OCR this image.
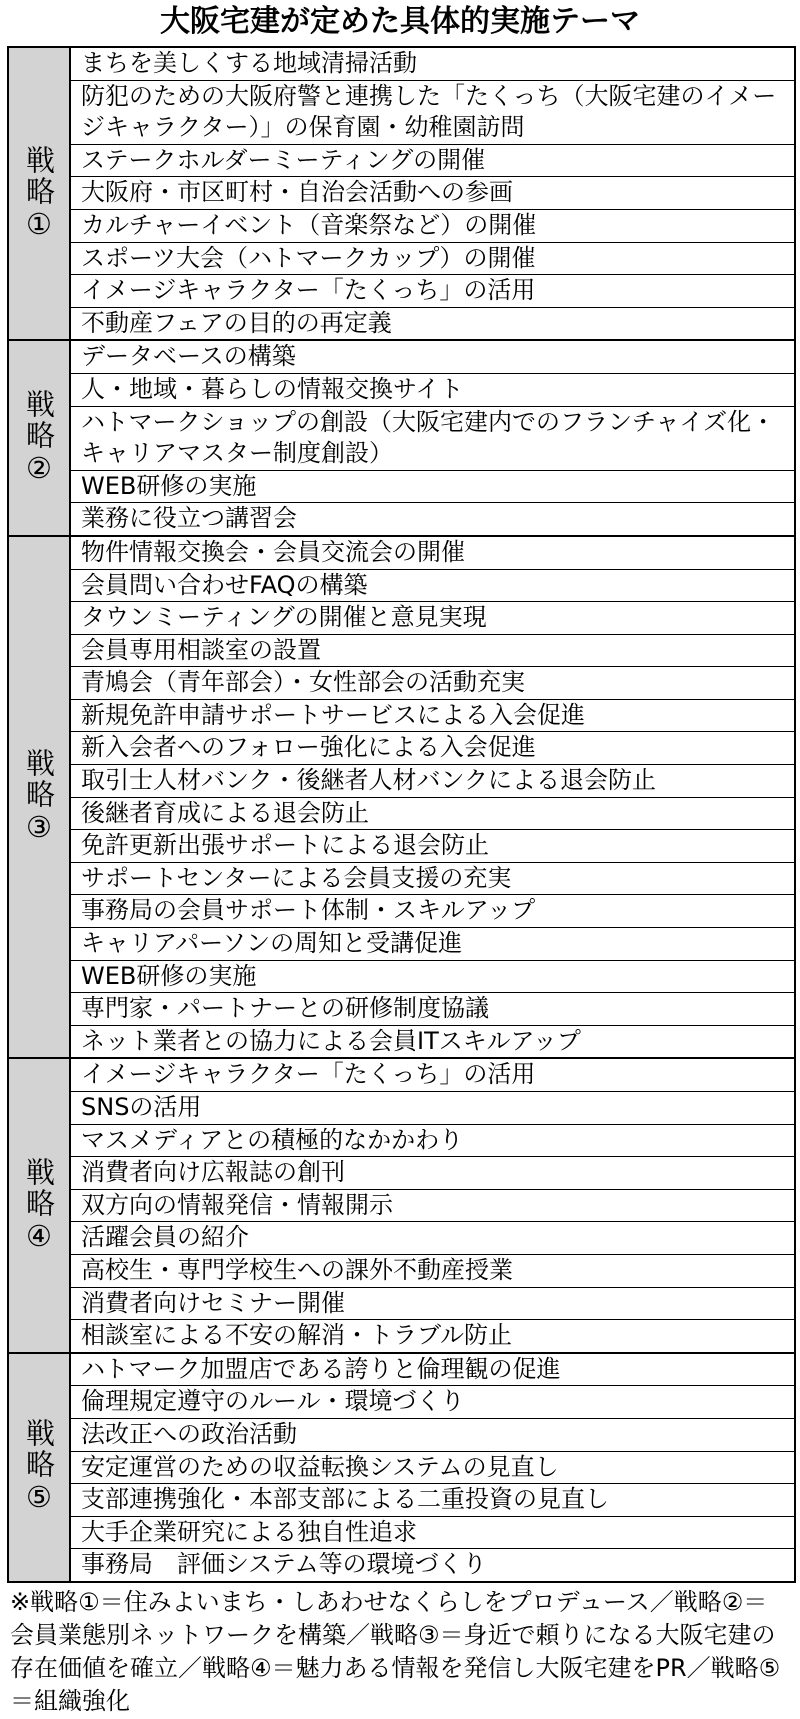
大阪宅建が定めた具体的実施テーマ
戦略①
まちを美しくする地域清掃活動
防犯のための大阪府警と連携した「たくっち（大阪宅建のイメージキャラクター）」の保育園・幼稚園訪問
ステークホルダーミーティングの開催
大阪府・市区町村・自治会活動への参画
カルチャーイベント（音楽祭など）の開催
スポーツ大会（ハトマークカップ）の開催
イメージキャラクター「たくっち」の活用
不動産フェアの目的の再定義
戦略②
データベースの構築
人・地域・暮らしの情報交換サイト
ハトマークショップの創設（大阪宅建内でのフランチャイズ化・キャリアマスター制度創設）
WEB研修の実施
業務に役立つ講習会
戦略③
物件情報交換会・会員交流会の開催
会員問い合わせFAQの構築
タウンミーティングの開催と意見実現
会員専用相談室の設置
青鳩会（青年部会）・女性部会の活動充実
新規免許申請サポートサービスによる入会促進
新入会者へのフォロー強化による入会促進
取引士人材バンク・後継者人材バンクによる退会防止
後継者育成による退会防止
免許更新出張サポートによる退会防止
サポートセンターによる会員支援の充実
事務局の会員サポート体制・スキルアップ
キャリアパーソンの周知と受講促進
WEB研修の実施
専門家・パートナーとの研修制度協議
ネット業者との協力による会員ITスキルアップ
戦略④
イメージキャラクター「たくっち」の活用
SNSの活用
マスメディアとの積極的なかかわり
消費者向け広報誌の創刊
双方向の情報発信・情報開示
活躍会員の紹介
高校生・専門学校生への課外不動産授業
消費者向けセミナー開催
相談室による不安の解消・トラブル防止
戦略⑤
ハトマーク加盟店である誇りと倫理観の促進
倫理規定遵守のルール・環境づくり
法改正への政治活動
安定運営のための収益転換システムの見直し
支部連携強化・本部支部による二重投資の見直し
大手企業研究による独自性追求
事務局　評価システム等の環境づくり
※戦略①＝住みよいまち・しあわせなくらしをプロデュース／戦略②＝会員業態別ネットワークを構築／戦略③＝身近で頼りになる大阪宅建の存在価値を確立／戦略④＝魅力ある情報を発信し大阪宅建をPR／戦略⑤＝組織強化
